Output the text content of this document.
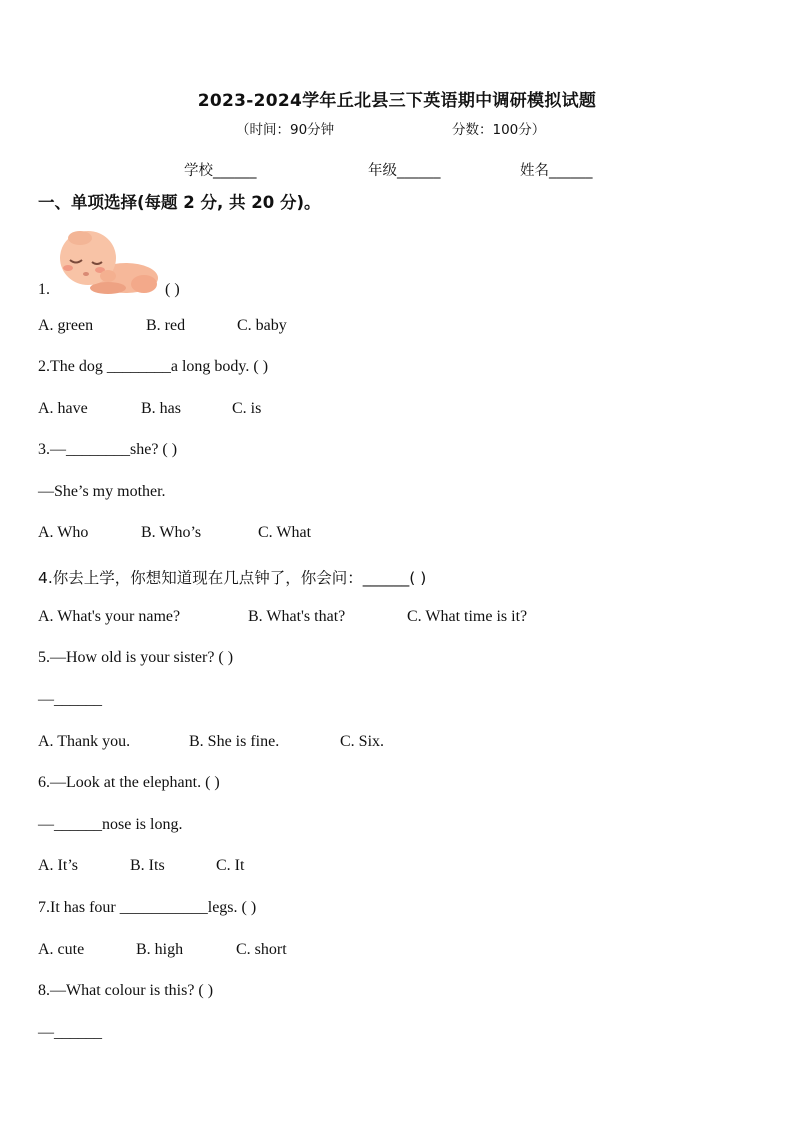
2023-2024学年丘北县三下英语期中调研模拟试题
（时间：90分钟	分数：100分）
学校______	年级______	姓名______
一、单项选择(每题 2 分, 共 20 分)。
1.	( )
A. green	B. red	C. baby
2.The dog ________a long body. ( )
A. have	B. has	C. is
3.—________she? ( )
—She’s my mother.
A. Who	B. Who’s	C. What
4.你去上学，你想知道现在几点钟了，你会问：______( )
A. What's your name?	B. What's that?	C. What time is it?
5.—How old is your sister? ( )
—______
A. Thank you.	B. She is fine.	C. Six.
6.—Look at the elephant. ( )
—______nose is long.
A. It’s	B. Its	C. It
7.It has four ___________legs. ( )
A. cute	B. high	C. short
8.—What colour is this? ( )
—______
